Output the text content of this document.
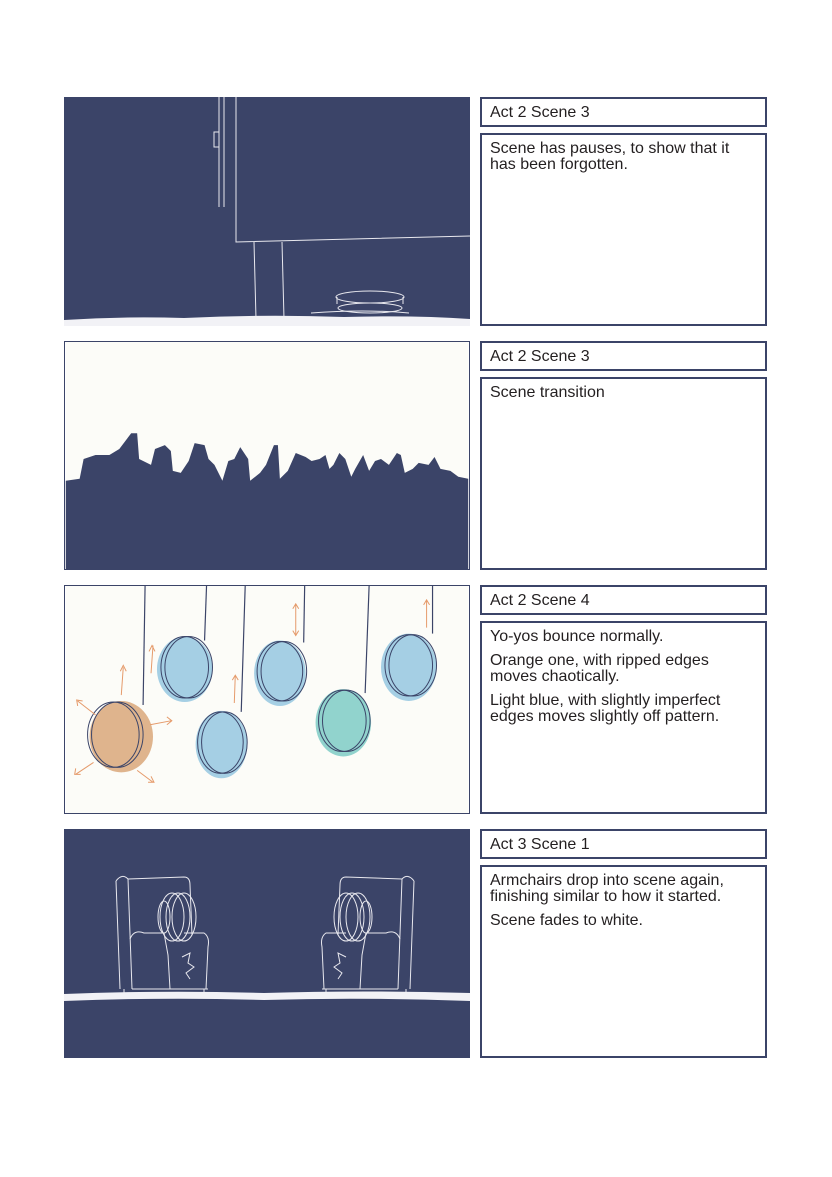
Act 2 Scene 3

Scene has pauses, to show that it has been forgotten.

Act 2 Scene 3

Scene transition

Act 2 Scene 4

Yo-yos bounce normally.

Orange one, with ripped edges moves chaotically.

Light blue, with slightly imperfect edges moves slightly off pattern.

Act 3 Scene 1

Armchairs drop into scene again, finishing similar to how it started.

Scene fades to white.
